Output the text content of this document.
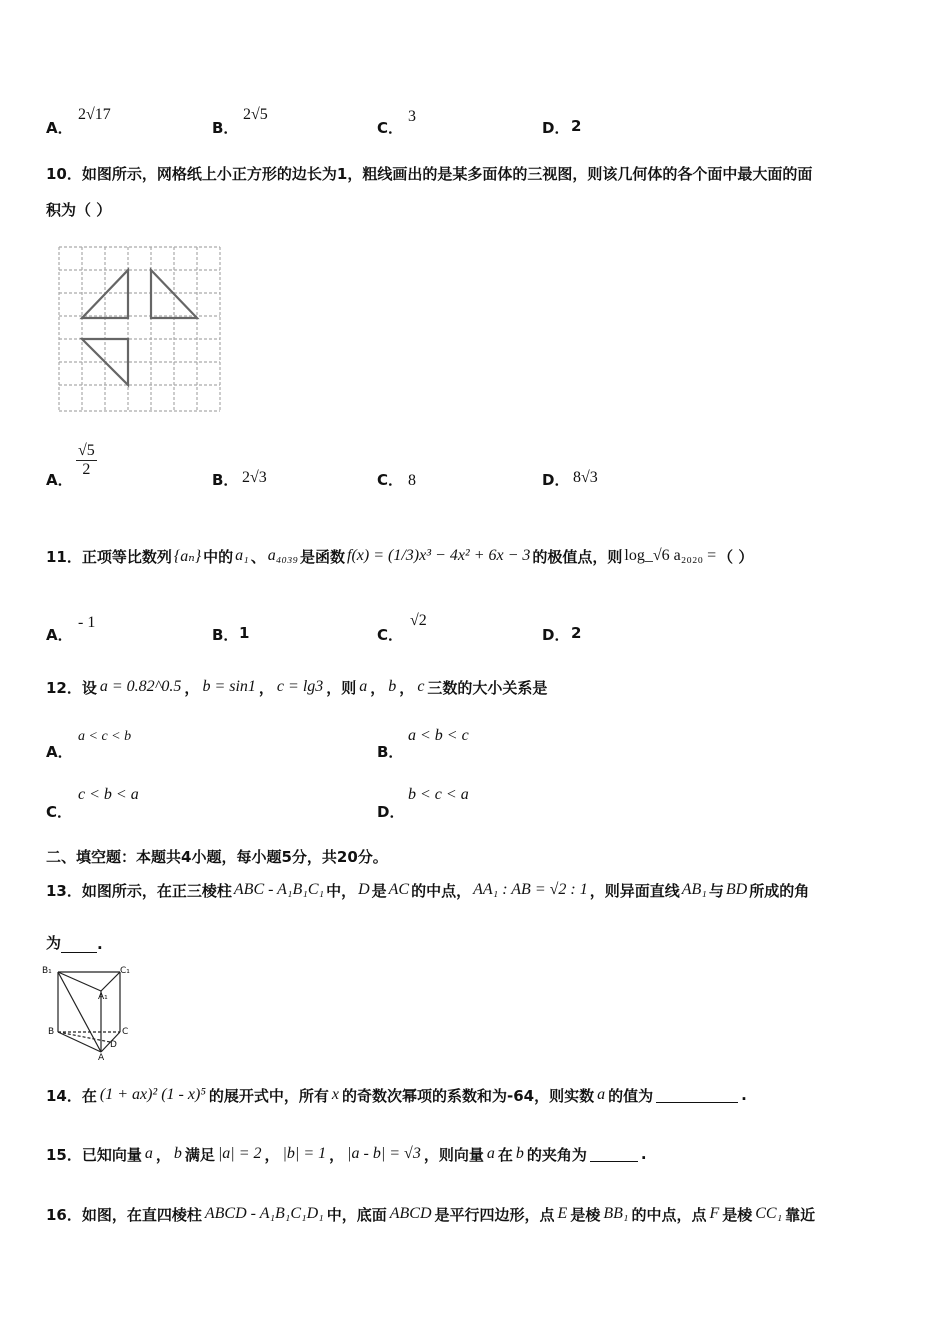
A．
2√17
B．
2√5
C．
3
D． 2
10．如图所示，网格纸上小正方形的边长为1，粗线画出的是某多面体的三视图，则该几何体的各个面中最大面的面
积为（ ）
A．
$\frac{√5}{2}$
B． 2√3	C． 8	D． 8√3
11．正项等比数列 {aₙ} 中的 a₁ 、 a₄₀₃₉ 是函数 f(x) = (1/3)x³ − 4x² + 6x − 3 的极值点，则 log_√6 a₂₀₂₀ = （ ）
A．
- 1
B． 1	C．
√2
D． 2
12．设 a = 0.82^0.5 ， b = sin1 ， c = lg3 ，则 a ， b ， c 三数的大小关系是
A．
a < c < b
B．
a < b < c
C．
c < b < a
D．
b < c < a
二、填空题：本题共4小题，每小题5分，共20分。
13．如图所示，在正三棱柱 ABC - A₁B₁C₁ 中， D 是 AC 的中点， AA₁ : AB = √2 : 1 ，则异面直线 AB₁ 与 BD 所成的角
为 .
B₁	C₁
A₁
B	C
D
A
14．在 (1 + ax)² (1 - x)⁵ 的展开式中，所有 x 的奇数次幂项的系数和为-64，则实数 a 的值为	.
15．已知向量 a ， b 满足 |a| = 2 ， |b| = 1 ， |a - b| = √3 ，则向量 a 在 b 的夹角为	.
16．如图，在直四棱柱 ABCD - A₁B₁C₁D₁ 中，底面 ABCD 是平行四边形，点 E 是棱 BB₁ 的中点，点 F 是棱 CC₁ 靠近
